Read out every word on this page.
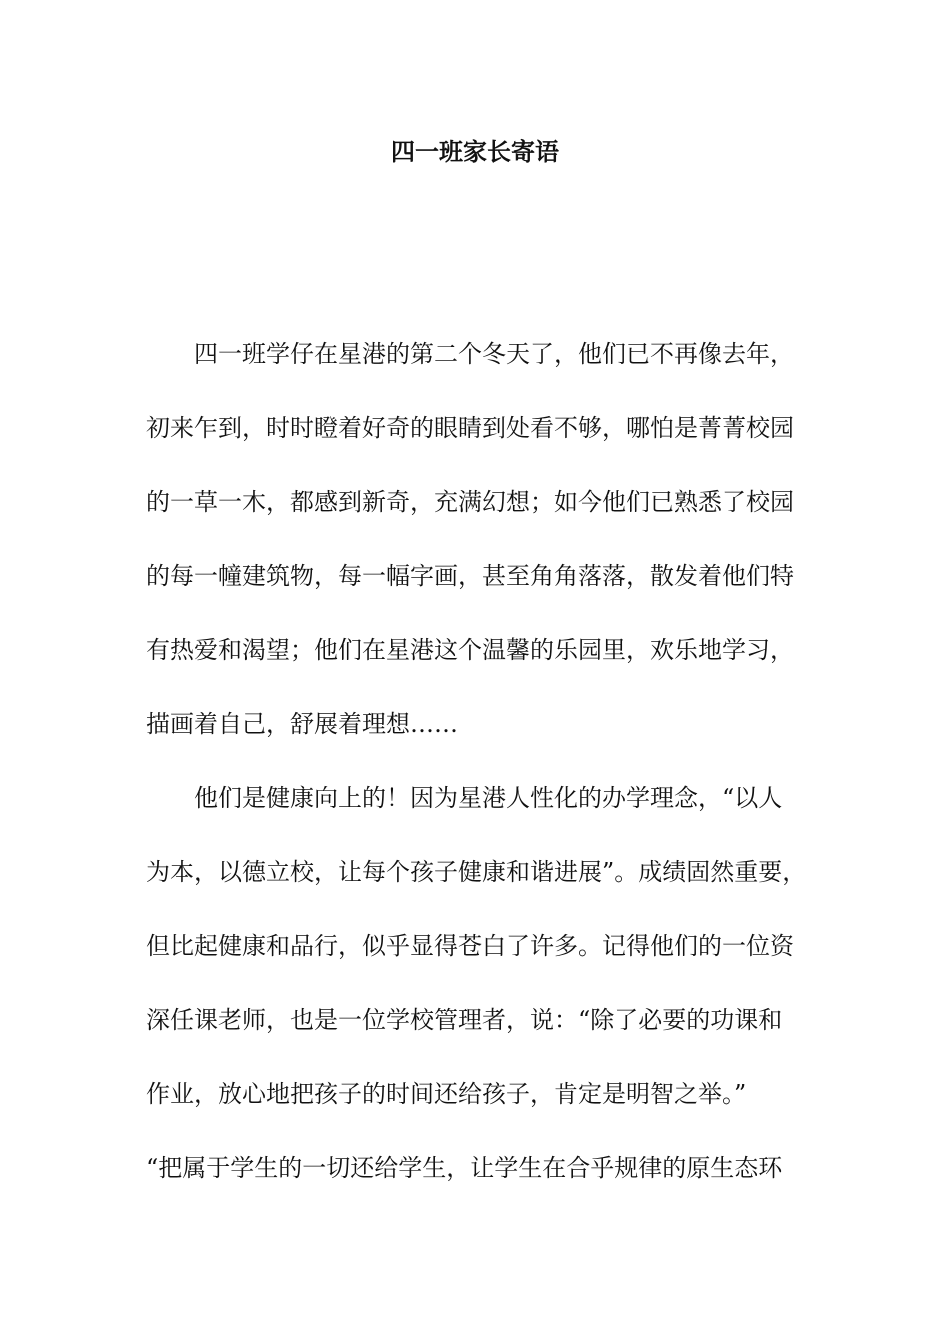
四一班家长寄语

四一班学仔在星港的第二个冬天了，他们已不再像去年，

初来乍到，时时瞪着好奇的眼睛到处看不够，哪怕是菁菁校园

的一草一木，都感到新奇，充满幻想；如今他们已熟悉了校园

的每一幢建筑物，每一幅字画，甚至角角落落，散发着他们特

有热爱和渴望；他们在星港这个温馨的乐园里，欢乐地学习，

描画着自己，舒展着理想……

他们是健康向上的！因为星港人性化的办学理念，“以人

为本，以德立校，让每个孩子健康和谐进展”。成绩固然重要，

但比起健康和品行，似乎显得苍白了许多。记得他们的一位资

深任课老师，也是一位学校管理者，说：“除了必要的功课和

作业，放心地把孩子的时间还给孩子，肯定是明智之举。”

“把属于学生的一切还给学生，让学生在合乎规律的原生态环
